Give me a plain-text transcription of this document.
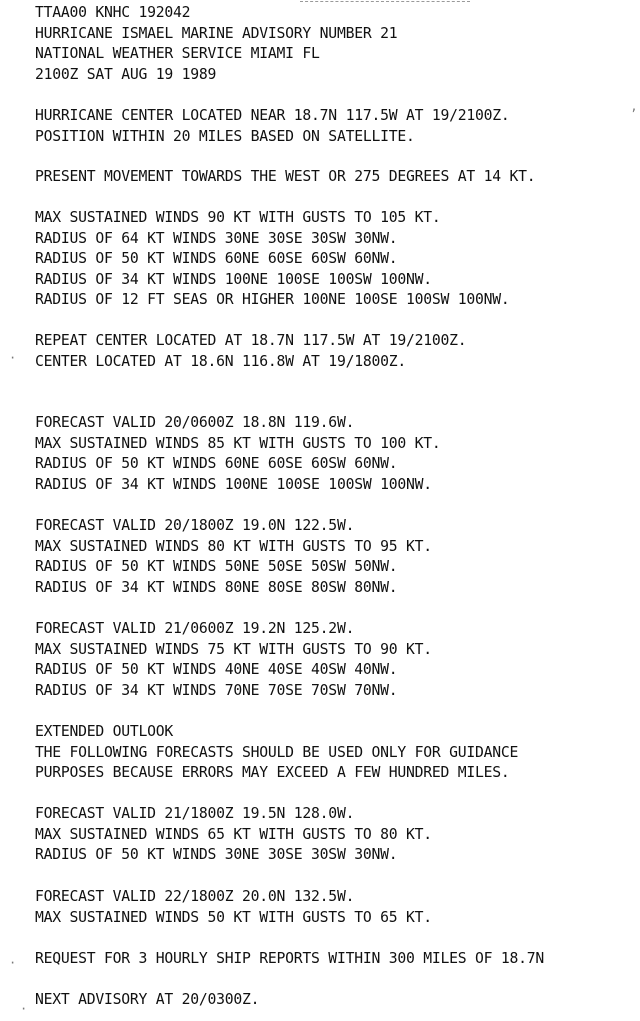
TTAA00 KNHC 192042
HURRICANE ISMAEL MARINE ADVISORY NUMBER 21
NATIONAL WEATHER SERVICE MIAMI FL
2100Z SAT AUG 19 1989
HURRICANE CENTER LOCATED NEAR 18.7N 117.5W AT 19/2100Z.
POSITION WITHIN 20 MILES BASED ON SATELLITE.
PRESENT MOVEMENT TOWARDS THE WEST OR 275 DEGREES AT 14 KT.
MAX SUSTAINED WINDS 90 KT WITH GUSTS TO 105 KT.
RADIUS OF 64 KT WINDS 30NE 30SE 30SW 30NW.
RADIUS OF 50 KT WINDS 60NE 60SE 60SW 60NW.
RADIUS OF 34 KT WINDS 100NE 100SE 100SW 100NW.
RADIUS OF 12 FT SEAS OR HIGHER 100NE 100SE 100SW 100NW.
REPEAT CENTER LOCATED AT 18.7N 117.5W AT 19/2100Z.
CENTER LOCATED AT 18.6N 116.8W AT 19/1800Z.
FORECAST VALID 20/0600Z 18.8N 119.6W.
MAX SUSTAINED WINDS 85 KT WITH GUSTS TO 100 KT.
RADIUS OF 50 KT WINDS 60NE 60SE 60SW 60NW.
RADIUS OF 34 KT WINDS 100NE 100SE 100SW 100NW.
FORECAST VALID 20/1800Z 19.0N 122.5W.
MAX SUSTAINED WINDS 80 KT WITH GUSTS TO 95 KT.
RADIUS OF 50 KT WINDS 50NE 50SE 50SW 50NW.
RADIUS OF 34 KT WINDS 80NE 80SE 80SW 80NW.
FORECAST VALID 21/0600Z 19.2N 125.2W.
MAX SUSTAINED WINDS 75 KT WITH GUSTS TO 90 KT.
RADIUS OF 50 KT WINDS 40NE 40SE 40SW 40NW.
RADIUS OF 34 KT WINDS 70NE 70SE 70SW 70NW.
EXTENDED OUTLOOK
THE FOLLOWING FORECASTS SHOULD BE USED ONLY FOR GUIDANCE
PURPOSES BECAUSE ERRORS MAY EXCEED A FEW HUNDRED MILES.
FORECAST VALID 21/1800Z 19.5N 128.0W.
MAX SUSTAINED WINDS 65 KT WITH GUSTS TO 80 KT.
RADIUS OF 50 KT WINDS 30NE 30SE 30SW 30NW.
FORECAST VALID 22/1800Z 20.0N 132.5W.
MAX SUSTAINED WINDS 50 KT WITH GUSTS TO 65 KT.
REQUEST FOR 3 HOURLY SHIP REPORTS WITHIN 300 MILES OF 18.7N
NEXT ADVISORY AT 20/0300Z.
’
·
·
·
